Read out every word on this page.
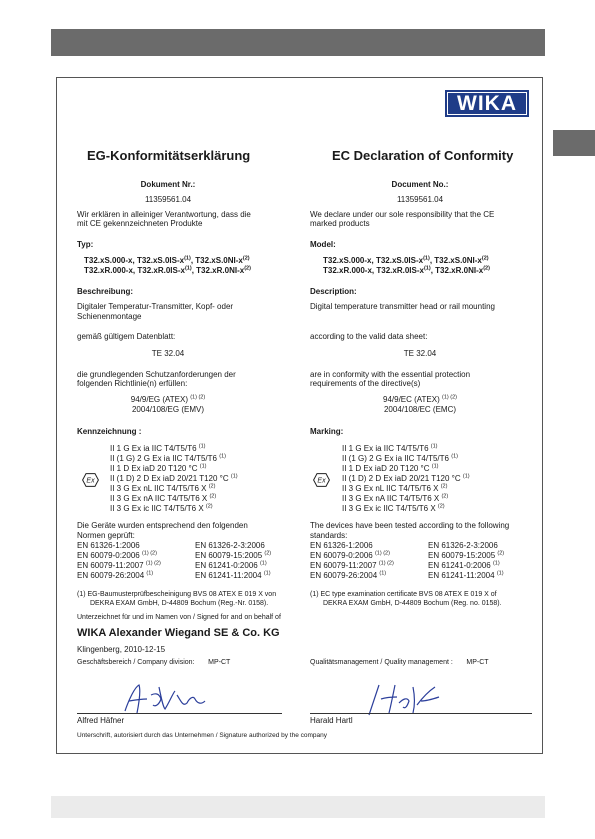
WIKA
EG-Konformitätserklärung	EC Declaration of Conformity
Dokument Nr.:
11359561.04
Document No.:
11359561.04
Wir erklären in alleiniger Verantwortung, dass die
mit CE gekennzeichneten Produkte
We declare under our sole responsibility that the CE
marked products
Typ:	Model:
T32.xS.000-x, $T32.xS.0IS-x^{(1)}$, $T32.xS.0NI-x^{(2)}$
T32.xR.000-x, $T32.xR.0IS-x^{(1)}$, $T32.xR.0NI-x^{(2)}$
T32.xS.000-x, $T32.xS.0IS-x^{(1)}$, $T32.xS.0NI-x^{(2)}$
T32.xR.000-x, $T32.xR.0IS-x^{(1)}$, $T32.xR.0NI-x^{(2)}$
Beschreibung:
Digitaler Temperatur-Transmitter, Kopf- oder
Schienenmontage
Description:
Digital temperature transmitter head or rail mounting
gemäß gültigem Datenblatt:
TE 32.04
according to the valid data sheet:
TE 32.04
die grundlegenden Schutzanforderungen der
folgenden Richtlinie(n) erfüllen:
are in conformity with the essential protection
requirements of the directive(s)
94/9/EG (ATEX) $^{(1) (2)}$
2004/108/EG (EMV)
94/9/EC (ATEX) $^{(1) (2)}$
2004/108/EC (EMC)
Kennzeichnung :	Marking:
II 1 G Ex ia IIC T4/T5/T6 $^{(1)}$
II (1 G) 2 G Ex ia IIC T4/T5/T6 $^{(1)}$
II 1 D Ex iaD 20 T120 °C $^{(1)}$
II (1 D) 2 D Ex iaD 20/21 T120 °C $^{(1)}$
II 3 G Ex nL IIC T4/T5/T6 X $^{(2)}$
II 3 G Ex nA IIC T4/T5/T6 X $^{(2)}$
II 3 G Ex ic IIC T4/T5/T6 X $^{(2)}$
II 1 G Ex ia IIC T4/T5/T6 $^{(1)}$
II (1 G) 2 G Ex ia IIC T4/T5/T6 $^{(1)}$
II 1 D Ex iaD 20 T120 °C $^{(1)}$
II (1 D) 2 D Ex iaD 20/21 T120 °C $^{(1)}$
II 3 G Ex nL IIC T4/T5/T6 X $^{(2)}$
II 3 G Ex nA IIC T4/T5/T6 X $^{(2)}$
II 3 G Ex ic IIC T4/T5/T6 X $^{(2)}$
Ex	Ex
Die Geräte wurden entsprechend den folgenden
Normen geprüft:
The devices have been tested according to the following
standards:
EN 61326-1:2006	EN 61326-2-3:2006
EN 60079-0:2006 $^{(1) (2)}$	EN 60079-15:2005 $^{(2)}$
EN 60079-11:2007 $^{(1) (2)}$	EN 61241-0:2006 $^{(1)}$
EN 60079-26:2004 $^{(1)}$	EN 61241-11:2004 $^{(1)}$
EN 61326-1:2006	EN 61326-2-3:2006
EN 60079-0:2006 $^{(1) (2)}$	EN 60079-15:2005 $^{(2)}$
EN 60079-11:2007 $^{(1) (2)}$	EN 61241-0:2006 $^{(1)}$
EN 60079-26:2004 $^{(1)}$	EN 61241-11:2004 $^{(1)}$
(1) EG-Baumusterprüfbescheinigung BVS 08 ATEX E 019 X von
DEKRA EXAM GmbH, D-44809 Bochum (Reg.-Nr. 0158).
(1) EC type examination certificate BVS 08 ATEX E 019 X of
DEKRA EXAM GmbH, D-44809 Bochum (Reg. no. 0158).
Unterzeichnet für und im Namen von / Signed for and on behalf of
WIKA Alexander Wiegand SE & Co. KG
Klingenberg, 2010-12-15
Geschäftsbereich / Company division: MP-CT	Qualitätsmanagement / Quality management : MP-CT
Alfred Häfner	Harald Hartl
Unterschrift, autorisiert durch das Unternehmen / Signature authorized by the company
